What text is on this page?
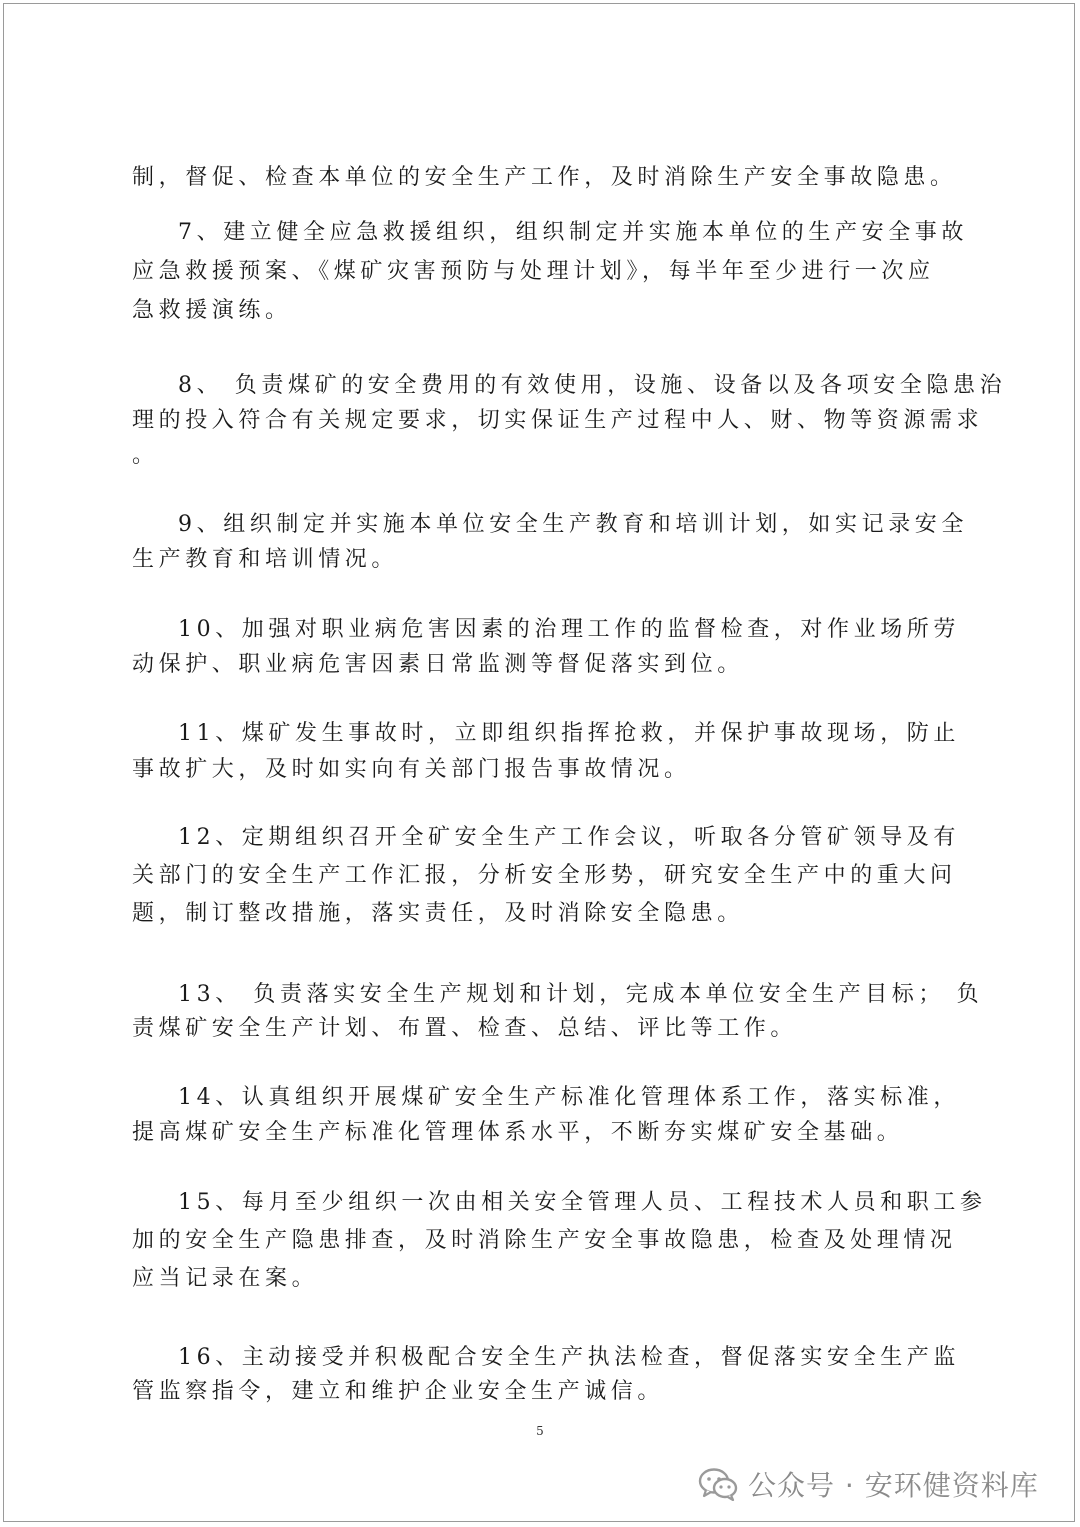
制，督促、检查本单位的安全生产工作，及时消除生产安全事故隐患。
7、建立健全应急救援组织，组织制定并实施本单位的生产安全事故
应急救援预案、《煤矿灾害预防与处理计划》，每半年至少进行一次应
急救援演练。
8、 负责煤矿的安全费用的有效使用，设施、设备以及各项安全隐患治
理的投入符合有关规定要求，切实保证生产过程中人、财、物等资源需求
。
9、组织制定并实施本单位安全生产教育和培训计划，如实记录安全
生产教育和培训情况。
10、加强对职业病危害因素的治理工作的监督检查，对作业场所劳
动保护、职业病危害因素日常监测等督促落实到位。
11、煤矿发生事故时，立即组织指挥抢救，并保护事故现场，防止
事故扩大，及时如实向有关部门报告事故情况。
12、定期组织召开全矿安全生产工作会议，听取各分管矿领导及有
关部门的安全生产工作汇报，分析安全形势，研究安全生产中的重大问
题，制订整改措施，落实责任，及时消除安全隐患。
13、 负责落实安全生产规划和计划，完成本单位安全生产目标； 负
责煤矿安全生产计划、布置、检查、总结、评比等工作。
14、认真组织开展煤矿安全生产标准化管理体系工作，落实标准，
提高煤矿安全生产标准化管理体系水平，不断夯实煤矿安全基础。
15、每月至少组织一次由相关安全管理人员、工程技术人员和职工参
加的安全生产隐患排查，及时消除生产安全事故隐患，检查及处理情况
应当记录在案。
16、主动接受并积极配合安全生产执法检查，督促落实安全生产监
管监察指令，建立和维护企业安全生产诚信。
5
公众号 · 安环健资料库
